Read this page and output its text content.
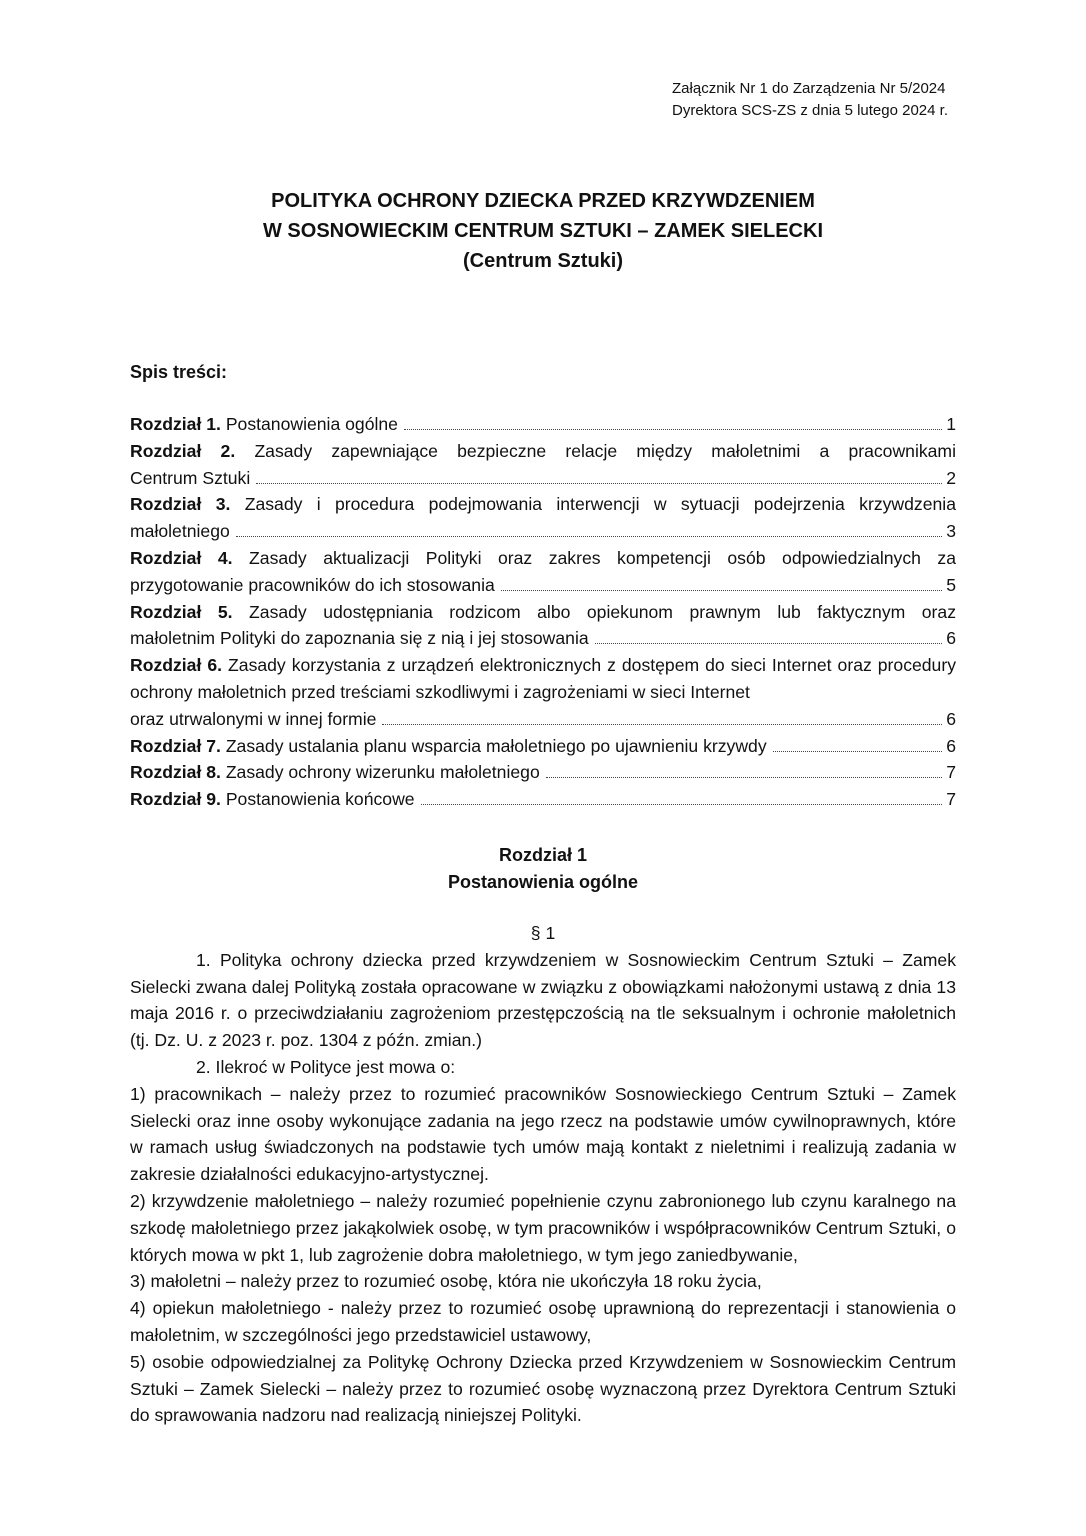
Załącznik Nr 1 do Zarządzenia Nr 5/2024
Dyrektora SCS-ZS z dnia 5 lutego 2024 r.
POLITYKA OCHRONY DZIECKA PRZED KRZYWDZENIEM
W SOSNOWIECKIM CENTRUM SZTUKI – ZAMEK SIELECKI
(Centrum Sztuki)
Spis treści:
Rozdział 1. Postanowienia ogólne	1
Rozdział 2. Zasady zapewniające bezpieczne relacje między małoletnimi a pracownikami
Centrum Sztuki	2
Rozdział 3. Zasady i procedura podejmowania interwencji w sytuacji podejrzenia krzywdzenia
małoletniego	3
Rozdział 4. Zasady aktualizacji Polityki oraz zakres kompetencji osób odpowiedzialnych za
przygotowanie pracowników do ich stosowania	5
Rozdział 5. Zasady udostępniania rodzicom albo opiekunom prawnym lub faktycznym oraz
małoletnim Polityki do zapoznania się z nią i jej stosowania	6
Rozdział 6. Zasady korzystania z urządzeń elektronicznych z dostępem do sieci Internet oraz procedury ochrony małoletnich przed treściami szkodliwymi i zagrożeniami w sieci Internet
oraz utrwalonymi w innej formie	6
Rozdział 7. Zasady ustalania planu wsparcia małoletniego po ujawnieniu krzywdy	6
Rozdział 8. Zasady ochrony wizerunku małoletniego	7
Rozdział 9. Postanowienia końcowe	7
Rozdział 1
Postanowienia ogólne
§ 1

1. Polityka ochrony dziecka przed krzywdzeniem w Sosnowieckim Centrum Sztuki – Zamek Sielecki zwana dalej Polityką została opracowane w związku z obowiązkami nałożonymi ustawą z dnia 13 maja 2016 r. o przeciwdziałaniu zagrożeniom przestępczością na tle seksualnym i ochronie małoletnich (tj. Dz. U. z 2023 r. poz. 1304 z późn. zmian.)

2. Ilekroć w Polityce jest mowa o:

1) pracownikach – należy przez to rozumieć pracowników Sosnowieckiego Centrum Sztuki – Zamek Sielecki oraz inne osoby wykonujące zadania na jego rzecz na podstawie umów cywilnoprawnych, które w ramach usług świadczonych na podstawie tych umów mają kontakt z nieletnimi i realizują zadania w zakresie działalności edukacyjno-artystycznej.

2) krzywdzenie małoletniego – należy rozumieć popełnienie czynu zabronionego lub czynu karalnego na szkodę małoletniego przez jakąkolwiek osobę, w tym pracowników i współpracowników Centrum Sztuki, o których mowa w pkt 1, lub zagrożenie dobra małoletniego, w tym jego zaniedbywanie,

3) małoletni – należy przez to rozumieć osobę, która nie ukończyła 18 roku życia,

4) opiekun małoletniego - należy przez to rozumieć osobę uprawnioną do reprezentacji i stanowienia o małoletnim, w szczególności jego przedstawiciel ustawowy,

5) osobie odpowiedzialnej za Politykę Ochrony Dziecka przed Krzywdzeniem w Sosnowieckim Centrum Sztuki – Zamek Sielecki – należy przez to rozumieć osobę wyznaczoną przez Dyrektora Centrum Sztuki do sprawowania nadzoru nad realizacją niniejszej Polityki.
